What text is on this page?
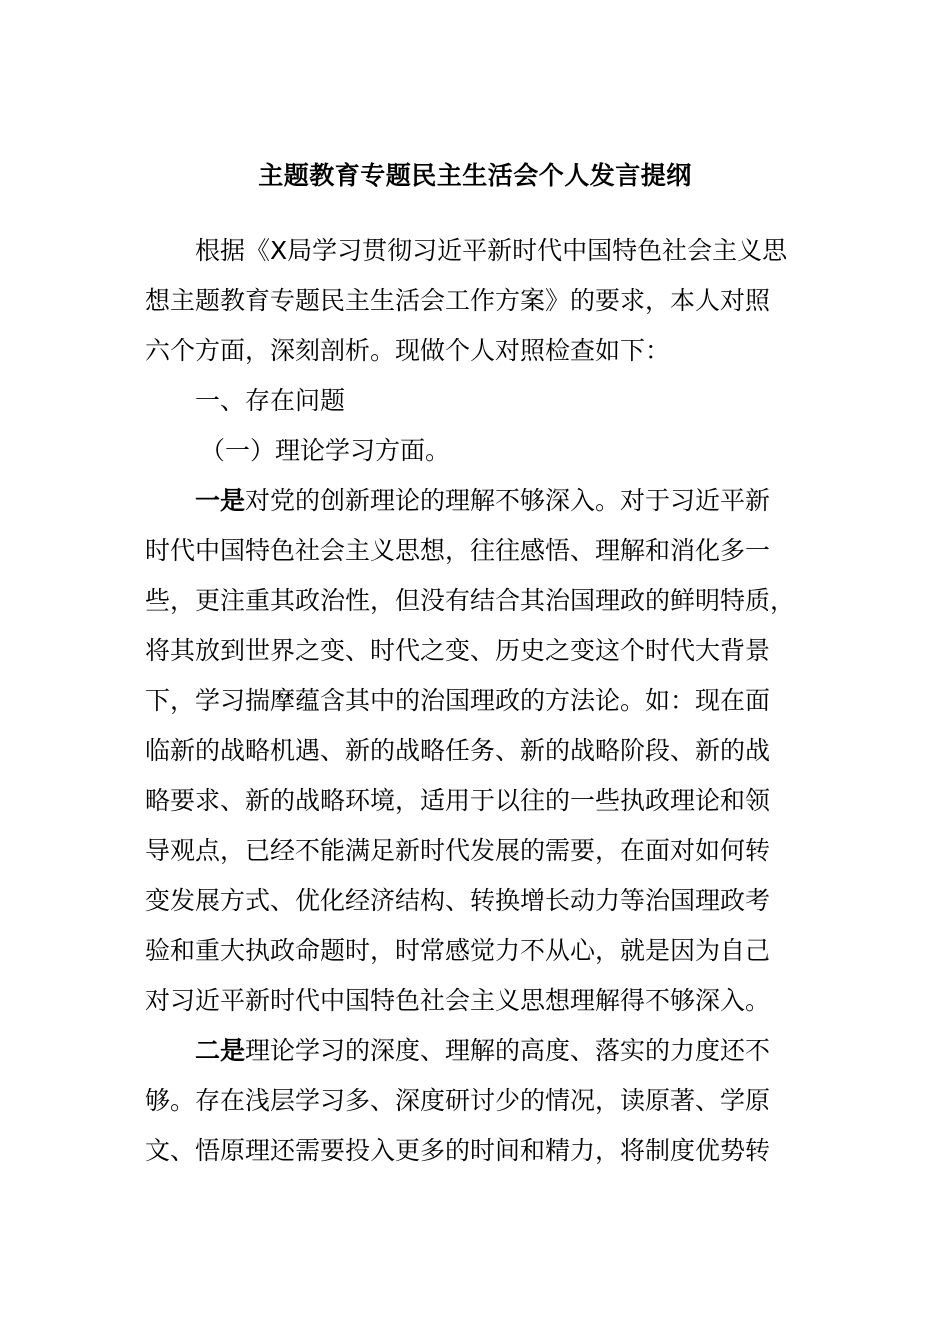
主题教育专题民主生活会个人发言提纲
根据《X局学习贯彻习近平新时代中国特色社会主义思
想主题教育专题民主生活会工作方案》的要求，本人对照
六个方面，深刻剖析。现做个人对照检查如下：
一、存在问题
（一）理论学习方面。
一是对党的创新理论的理解不够深入。对于习近平新
时代中国特色社会主义思想，往往感悟、理解和消化多一
些，更注重其政治性，但没有结合其治国理政的鲜明特质，
将其放到世界之变、时代之变、历史之变这个时代大背景
下，学习揣摩蕴含其中的治国理政的方法论。如：现在面
临新的战略机遇、新的战略任务、新的战略阶段、新的战
略要求、新的战略环境，适用于以往的一些执政理论和领
导观点，已经不能满足新时代发展的需要，在面对如何转
变发展方式、优化经济结构、转换增长动力等治国理政考
验和重大执政命题时，时常感觉力不从心，就是因为自己
对习近平新时代中国特色社会主义思想理解得不够深入。
二是理论学习的深度、理解的高度、落实的力度还不
够。存在浅层学习多、深度研讨少的情况，读原著、学原
文、悟原理还需要投入更多的时间和精力，将制度优势转
